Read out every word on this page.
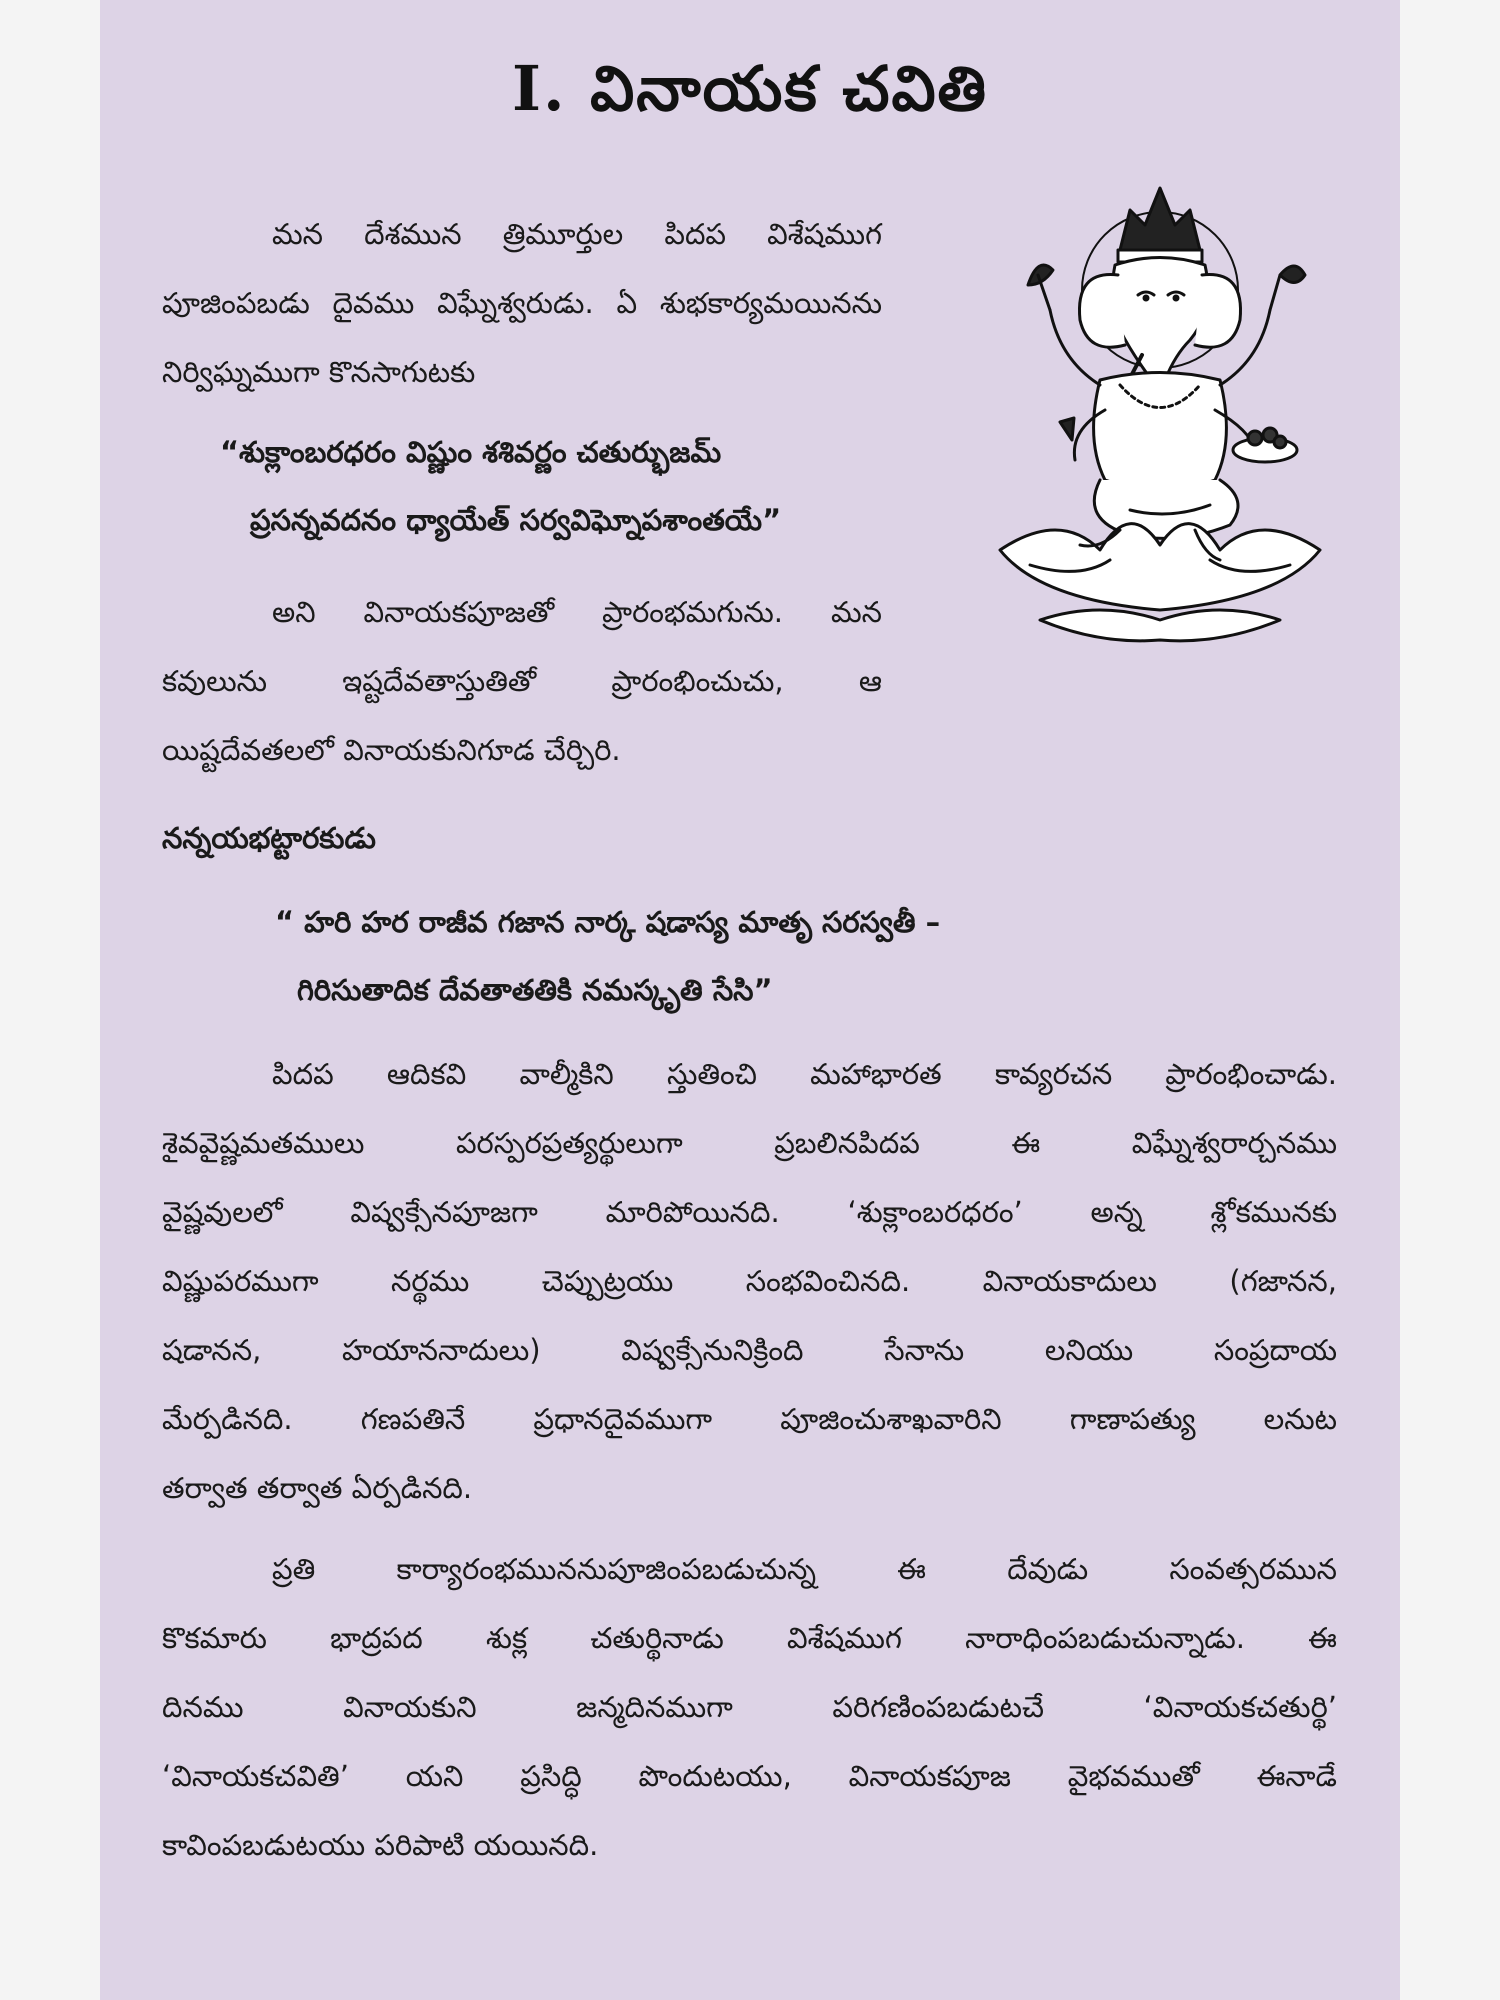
I. వినాయక చవితి

మన దేశమున త్రిమూర్తుల పిదప విశేషముగ

పూజింపబడు దైవము విఘ్నేశ్వరుడు. ఏ శుభకార్యమయినను

నిర్విఘ్నముగా కొనసాగుటకు

“శుక్లాంబరధరం విష్ణుం శశివర్ణం చతుర్భుజమ్

ప్రసన్నవదనం ధ్యాయేత్ సర్వవిఘ్నోపశాంతయే”

అని వినాయకపూజతో ప్రారంభమగును. మన

కవులును ఇష్టదేవతాస్తుతితో ప్రారంభించుచు, ఆ

యిష్టదేవతలలో వినాయకునిగూడ చేర్చిరి.

నన్నయభట్టారకుడు

“ హరి హర రాజీవ గజాన నార్క షడాస్య మాతృ సరస్వతీ –

గిరిసుతాదిక దేవతాతతికి నమస్కృతి సేసి”

పిదప ఆదికవి వాల్మీకిని స్తుతించి మహాభారత కావ్యరచన ప్రారంభించాడు.

శైవవైష్ణమతములు పరస్పరప్రత్యర్థులుగా ప్రబలినపిదప ఈ విఘ్నేశ్వరార్చనము

వైష్ణవులలో విష్వక్సేనపూజగా మారిపోయినది. ‘శుక్లాంబరధరం’ అన్న శ్లోకమునకు

విష్ణుపరముగా నర్థము చెప్పుట్రయు సంభవించినది. వినాయకాదులు (గజానన,

షడానన, హయాననాదులు) విష్వక్సేనునిక్రింది సేనాను లనియు సంప్రదాయ

మేర్పడినది. గణపతినే ప్రధానదైవముగా పూజించుశాఖవారిని గాణాపత్యు లనుట

తర్వాత తర్వాత ఏర్పడినది.

ప్రతి కార్యారంభముననుపూజింపబడుచున్న ఈ దేవుడు సంవత్సరమున

కొకమారు భాద్రపద శుక్ల చతుర్థినాడు విశేషముగ నారాధింపబడుచున్నాడు. ఈ

దినము వినాయకుని జన్మదినముగా పరిగణింపబడుటచే ‘వినాయకచతుర్థి’

‘వినాయకచవితి’ యని ప్రసిద్ధి పొందుటయు, వినాయకపూజ వైభవముతో ఈనాడే

కావింపబడుటయు పరిపాటి యయినది.
